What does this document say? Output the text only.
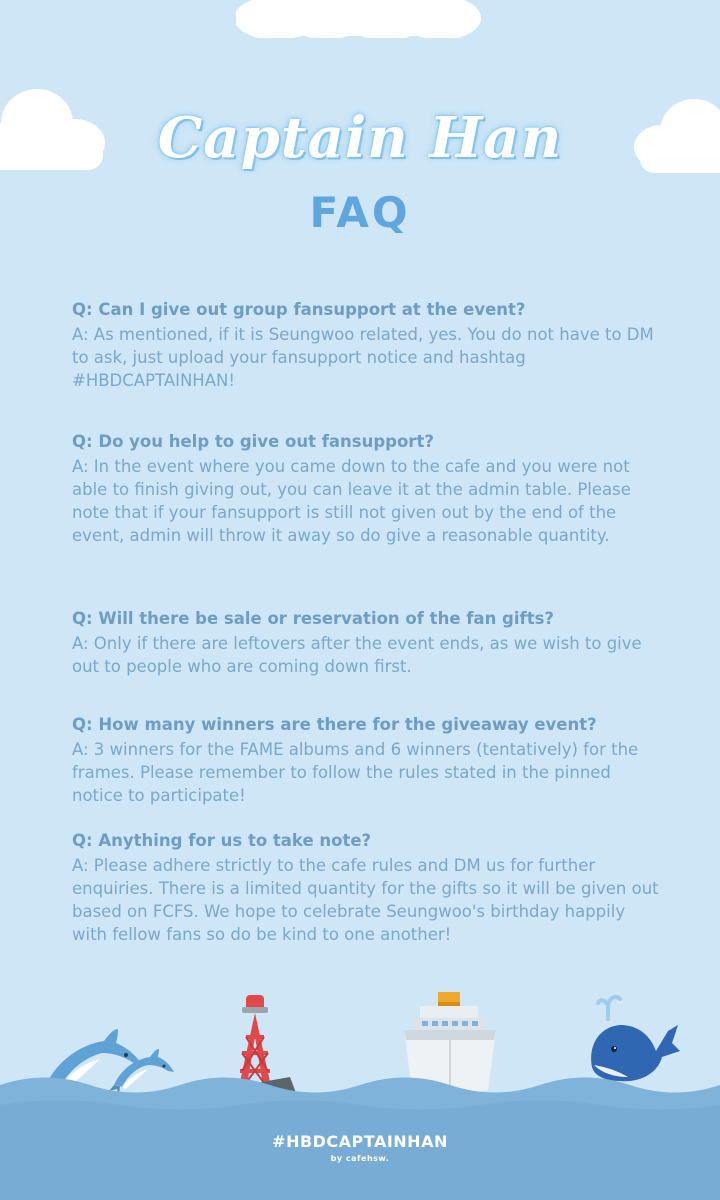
Captain Han
FAQ
Q: Can I give out group fansupport at the event?
A: As mentioned, if it is Seungwoo related, yes. You do not have to DM to ask, just upload your fansupport notice and hashtag #HBDCAPTAINHAN!
Q: Do you help to give out fansupport?
A: In the event where you came down to the cafe and you were not able to finish giving out, you can leave it at the admin table. Please note that if your fansupport is still not given out by the end of the event, admin will throw it away so do give a reasonable quantity.
Q: Will there be sale or reservation of the fan gifts?
A: Only if there are leftovers after the event ends, as we wish to give out to people who are coming down first.
Q: How many winners are there for the giveaway event?
A: 3 winners for the FAME albums and 6 winners (tentatively) for the frames. Please remember to follow the rules stated in the pinned notice to participate!
Q: Anything for us to take note?
A: Please adhere strictly to the cafe rules and DM us for further enquiries. There is a limited quantity for the gifts so it will be given out based on FCFS. We hope to celebrate Seungwoo's birthday happily with fellow fans so do be kind to one another!
#HBDCAPTAINHAN
by cafehsw.
